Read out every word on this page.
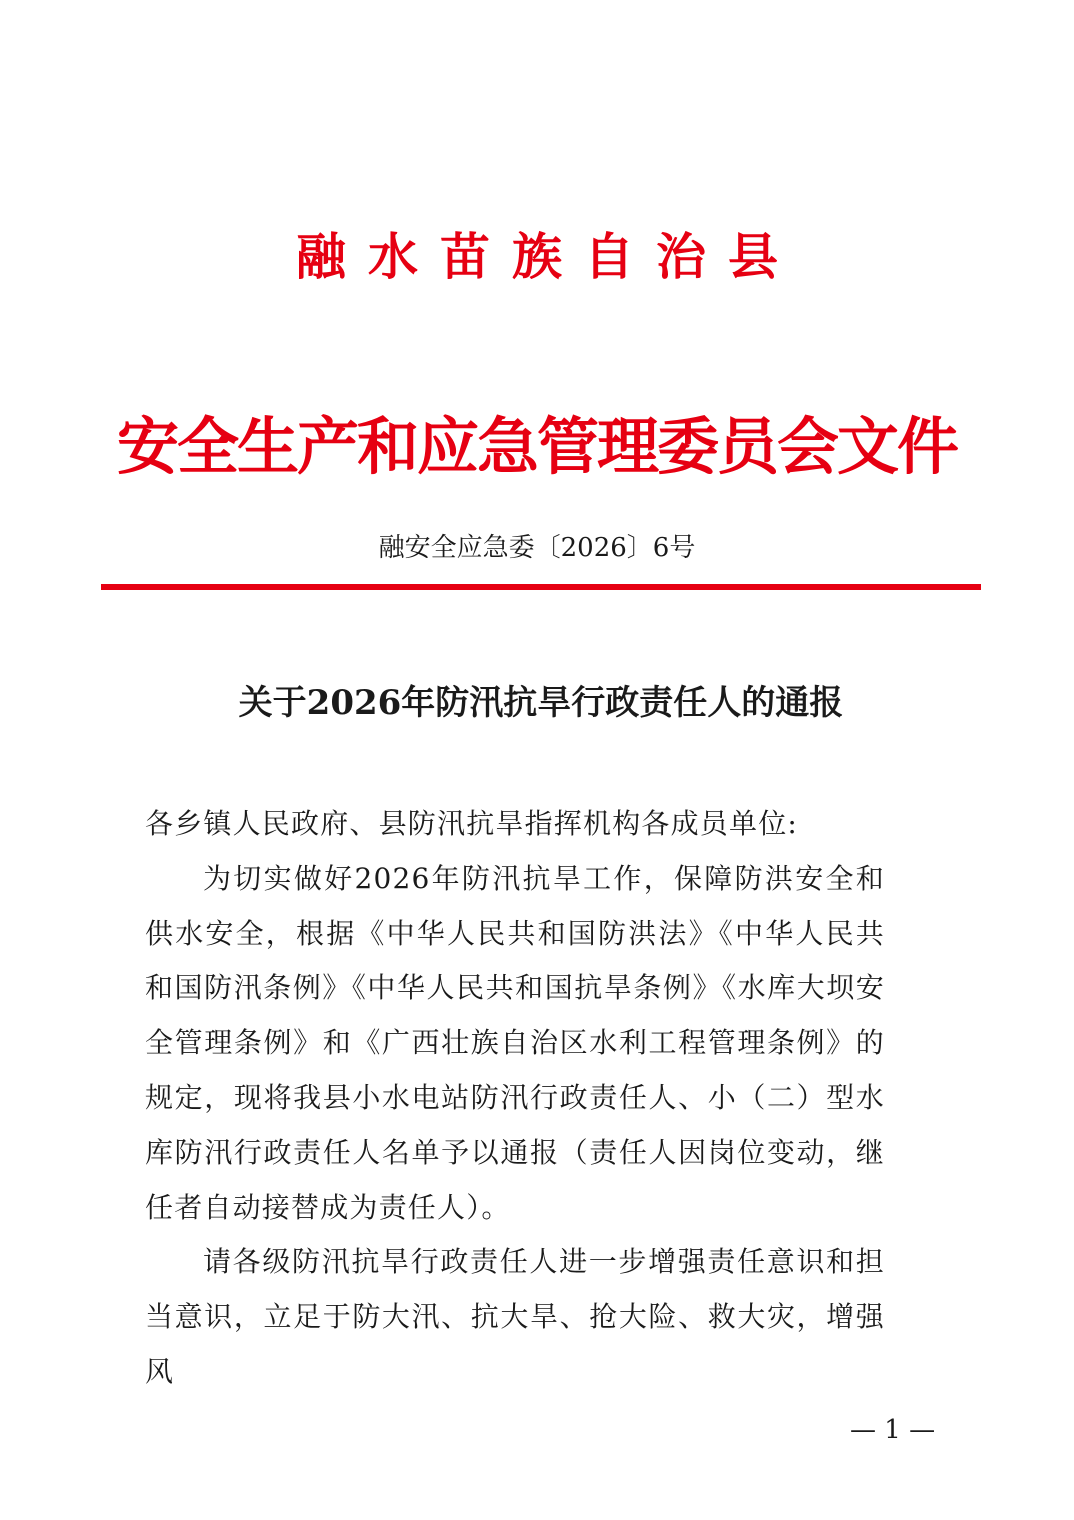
融水苗族自治县
安全生产和应急管理委员会文件
融安全应急委〔2026〕6号
关于2026年防汛抗旱行政责任人的通报

各乡镇人民政府、县防汛抗旱指挥机构各成员单位:

为切实做好2026年防汛抗旱工作，保障防洪安全和供水安全，根据《中华人民共和国防洪法》《中华人民共和国防汛条例》《中华人民共和国抗旱条例》《水库大坝安全管理条例》和《广西壮族自治区水利工程管理条例》的规定，现将我县小水电站防汛行政责任人、小（二）型水库防汛行政责任人名单予以通报（责任人因岗位变动，继任者自动接替成为责任人）。

请各级防汛抗旱行政责任人进一步增强责任意识和担当意识，立足于防大汛、抗大旱、抢大险、救大灾，增强风

— 1 —
